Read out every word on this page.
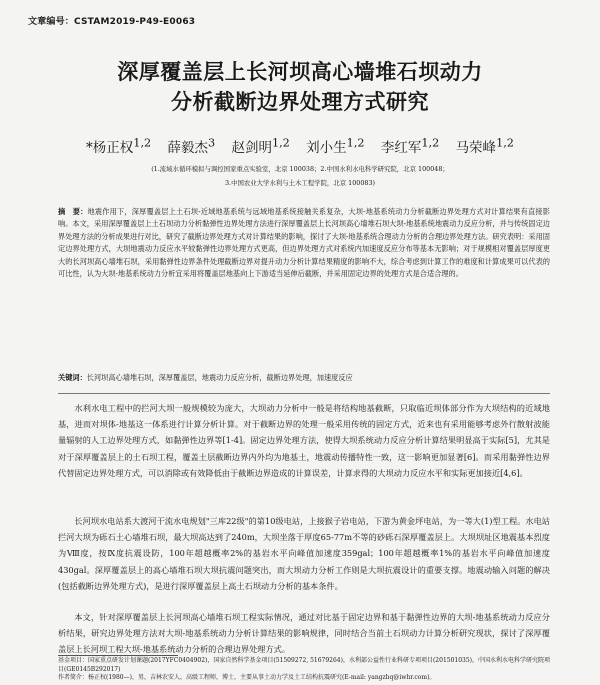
文章编号：CSTAM2019-P49-E0063
深厚覆盖层上长河坝高心墙堆石坝动力
分析截断边界处理方式研究
*杨正权$^{1,2}$ 薛毅杰$^3$ 赵剑明$^{1,2}$ 刘小生$^{1,2}$ 李红军$^{1,2}$ 马荣峰$^{1,2}$
(1.流域水循环模拟与调控国家重点实验室，北京 100038；2.中国水利水电科学研究院，北京 100048；
3.中国农业大学水利与土木工程学院，北京 100083)
摘　要：地震作用下，深厚覆盖层上土石坝-近域地基系统与远域地基系统接触关系复杂，大坝-地基系统动力分析截断边界处理方式对计算结果有直接影响。本文，采用深厚覆盖层上土石坝动力分析黏弹性边界处理方法进行深厚覆盖层上长河坝高心墙堆石坝大坝-地基系统地震动力反应分析，并与传统固定边界处理方法的分析成果进行对比，研究了截断边界处理方式对计算结果的影响，探讨了大坝-地基系统合理动力分析的合理边界处理方法。研究表明：采用固定边界处理方式，大坝地震动力反应水平较黏弹性边界处理方式更高，但边界处理方式对系统内加速度反应分布等基本无影响；对于规模相对覆盖层厚度更大的长河坝高心墙堆石坝，采用黏弹性边界条件处理截断边界对提升动力分析计算结果精度的影响不大，综合考虑到计算工作的难度和计算成果可以代表的可比性，认为大坝-地基系统动力分析宜采用将覆盖层地基向上下游适当延伸后截断，并采用固定边界的处理方式是合适合理的。
关键词：长河坝高心墙堆石坝，深厚覆盖层，地震动力反应分析，截断边界处理，加速度反应

水利水电工程中的拦河大坝一般规模较为庞大，大坝动力分析中一般是将结构地基截断，只取临近坝体部分作为大坝结构的近域地基，进而对坝体-地基这一体系进行计算分析计算。对于截断边界的处理一般采用传统的固定方式，近来也有采用能够考虑外行散射波能量辐射的人工边界处理方式，如黏弹性边界等[1-4]。固定边界处理方法，使得大坝系统动力反应分析计算结果明显高于实际[5]，尤其是对于深厚覆盖层上的土石坝工程，覆盖土层截断边界内外均为地基土，地震动传播特性一致，这一影响更加显著[6]。而采用黏弹性边界代替固定边界处理方式，可以消除或有效降低由于截断边界造成的计算误差，计算求得的大坝动力反应水平和实际更加接近[4,6]。

长河坝水电站系大渡河干流水电规划"三库22级"的第10级电站，上接猴子岩电站，下游为黄金坪电站，为一等大(1)型工程。水电站拦河大坝为砾石土心墙堆石坝，最大坝高达到了240m，大坝坐落于厚度65-77m不等的砂砾石深厚覆盖层上。大坝坝址区地震基本烈度为Ⅷ度，按Ⅸ度抗震设防，100年超越概率2%的基岩水平向峰值加速度359gal；100年超越概率1%的基岩水平向峰值加速度430gal。深厚覆盖层上的高心墙堆石坝大坝抗震问题突出，而大坝动力分析工作则是大坝抗震设计的重要支撑。地震动输入问题的解决(包括截断边界处理方式)，是进行深厚覆盖层上高土石坝动力分析的基本条件。

本文，针对深厚覆盖层上长河坝高心墙堆石坝工程实际情况，通过对比基于固定边界和基于黏弹性边界的大坝-地基系统动力反应分析结果，研究边界处理方法对大坝-地基系统动力分析计算结果的影响规律，同时结合当前土石坝动力计算分析研究现状，探讨了深厚覆盖层上长河坝工程大坝-地基系统动力分析的合理边界处理方式。

基金项目：国家重点研发计划课题(2017YFC0404902)，国家自然科学基金项目(51509272, 51679264)，水利部公益性行业科研专项项目(201501035)，中国水利水电科学研究院项目(GE0145B292017)
作者简介：杨正权(1980—)，男，吉林农安人，高级工程师，博士，主要从事土动力学及土工结构抗震研究(E-mail: yangzhq@iwhr.com)。
